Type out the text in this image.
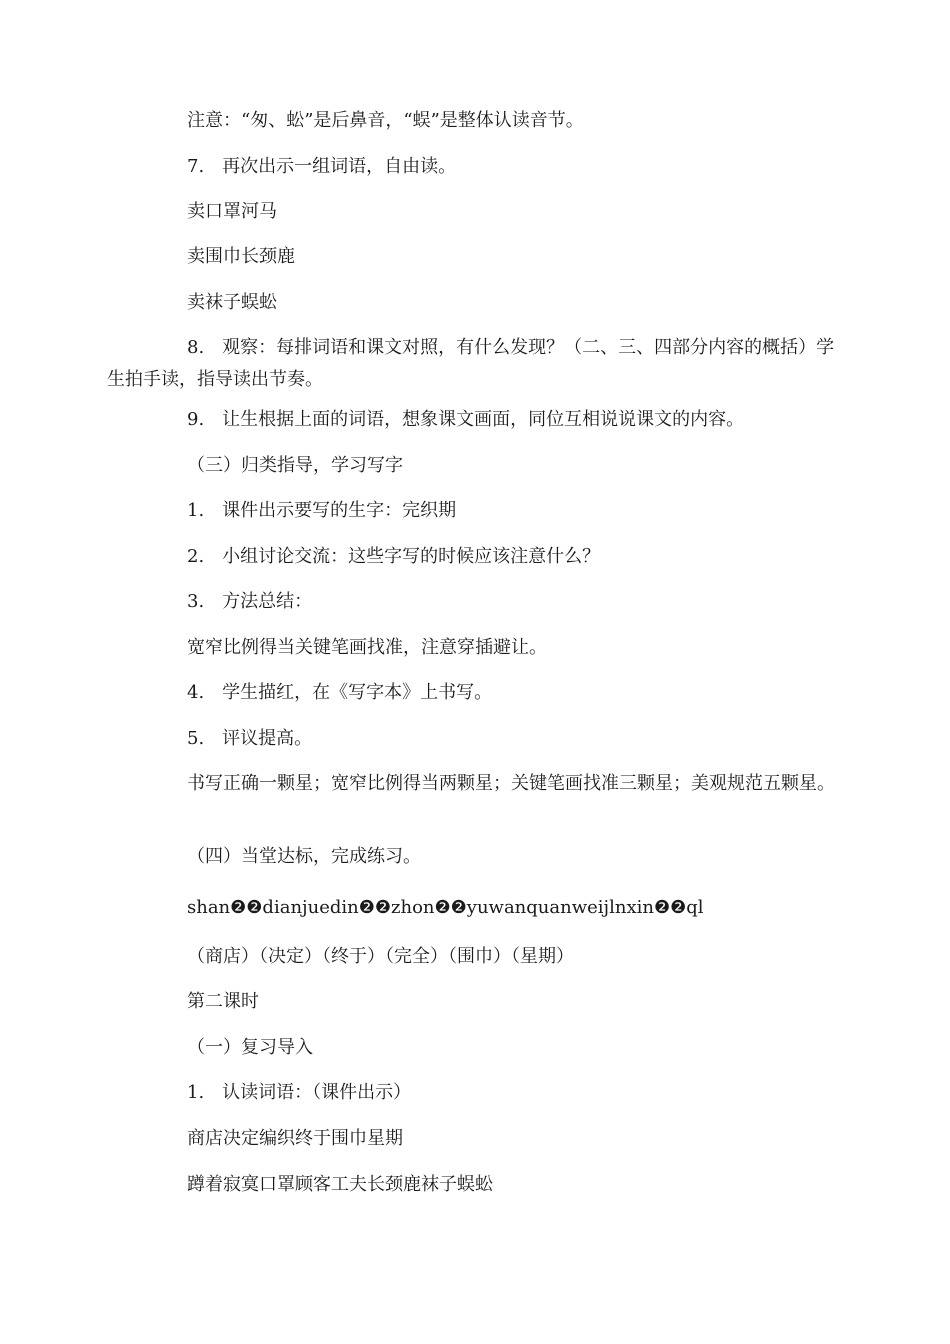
注意：“匆、蚣”是后鼻音，“蜈”是整体认读音节。
7.　再次出示一组词语，自由读。
卖口罩河马
卖围巾长颈鹿
卖袜子蜈蚣
8.　观察：每排词语和课文对照，有什么发现？（二、三、四部分内容的概括）学生拍手读，指导读出节奏。
9.　让生根据上面的词语，想象课文画面，同位互相说说课文的内容。
（三）归类指导，学习写字
1.　课件出示要写的生字：完织期
2.　小组讨论交流：这些字写的时候应该注意什么？
3.　方法总结：
宽窄比例得当关键笔画找准，注意穿插避让。
4.　学生描红，在《写字本》上书写。
5.　评议提高。
书写正确一颗星；宽窄比例得当两颗星；关键笔画找准三颗星；美观规范五颗星。
（四）当堂达标，完成练习。
shan❷❷dianjuedin❷❷zhon❷❷yuwanquanweijlnxin❷❷ql
（商店）（决定）（终于）（完全）（围巾）（星期）
第二课时
（一）复习导入
1.　认读词语：（课件出示）
商店决定编织终于围巾星期
蹲着寂寞口罩顾客工夫长颈鹿袜子蜈蚣
